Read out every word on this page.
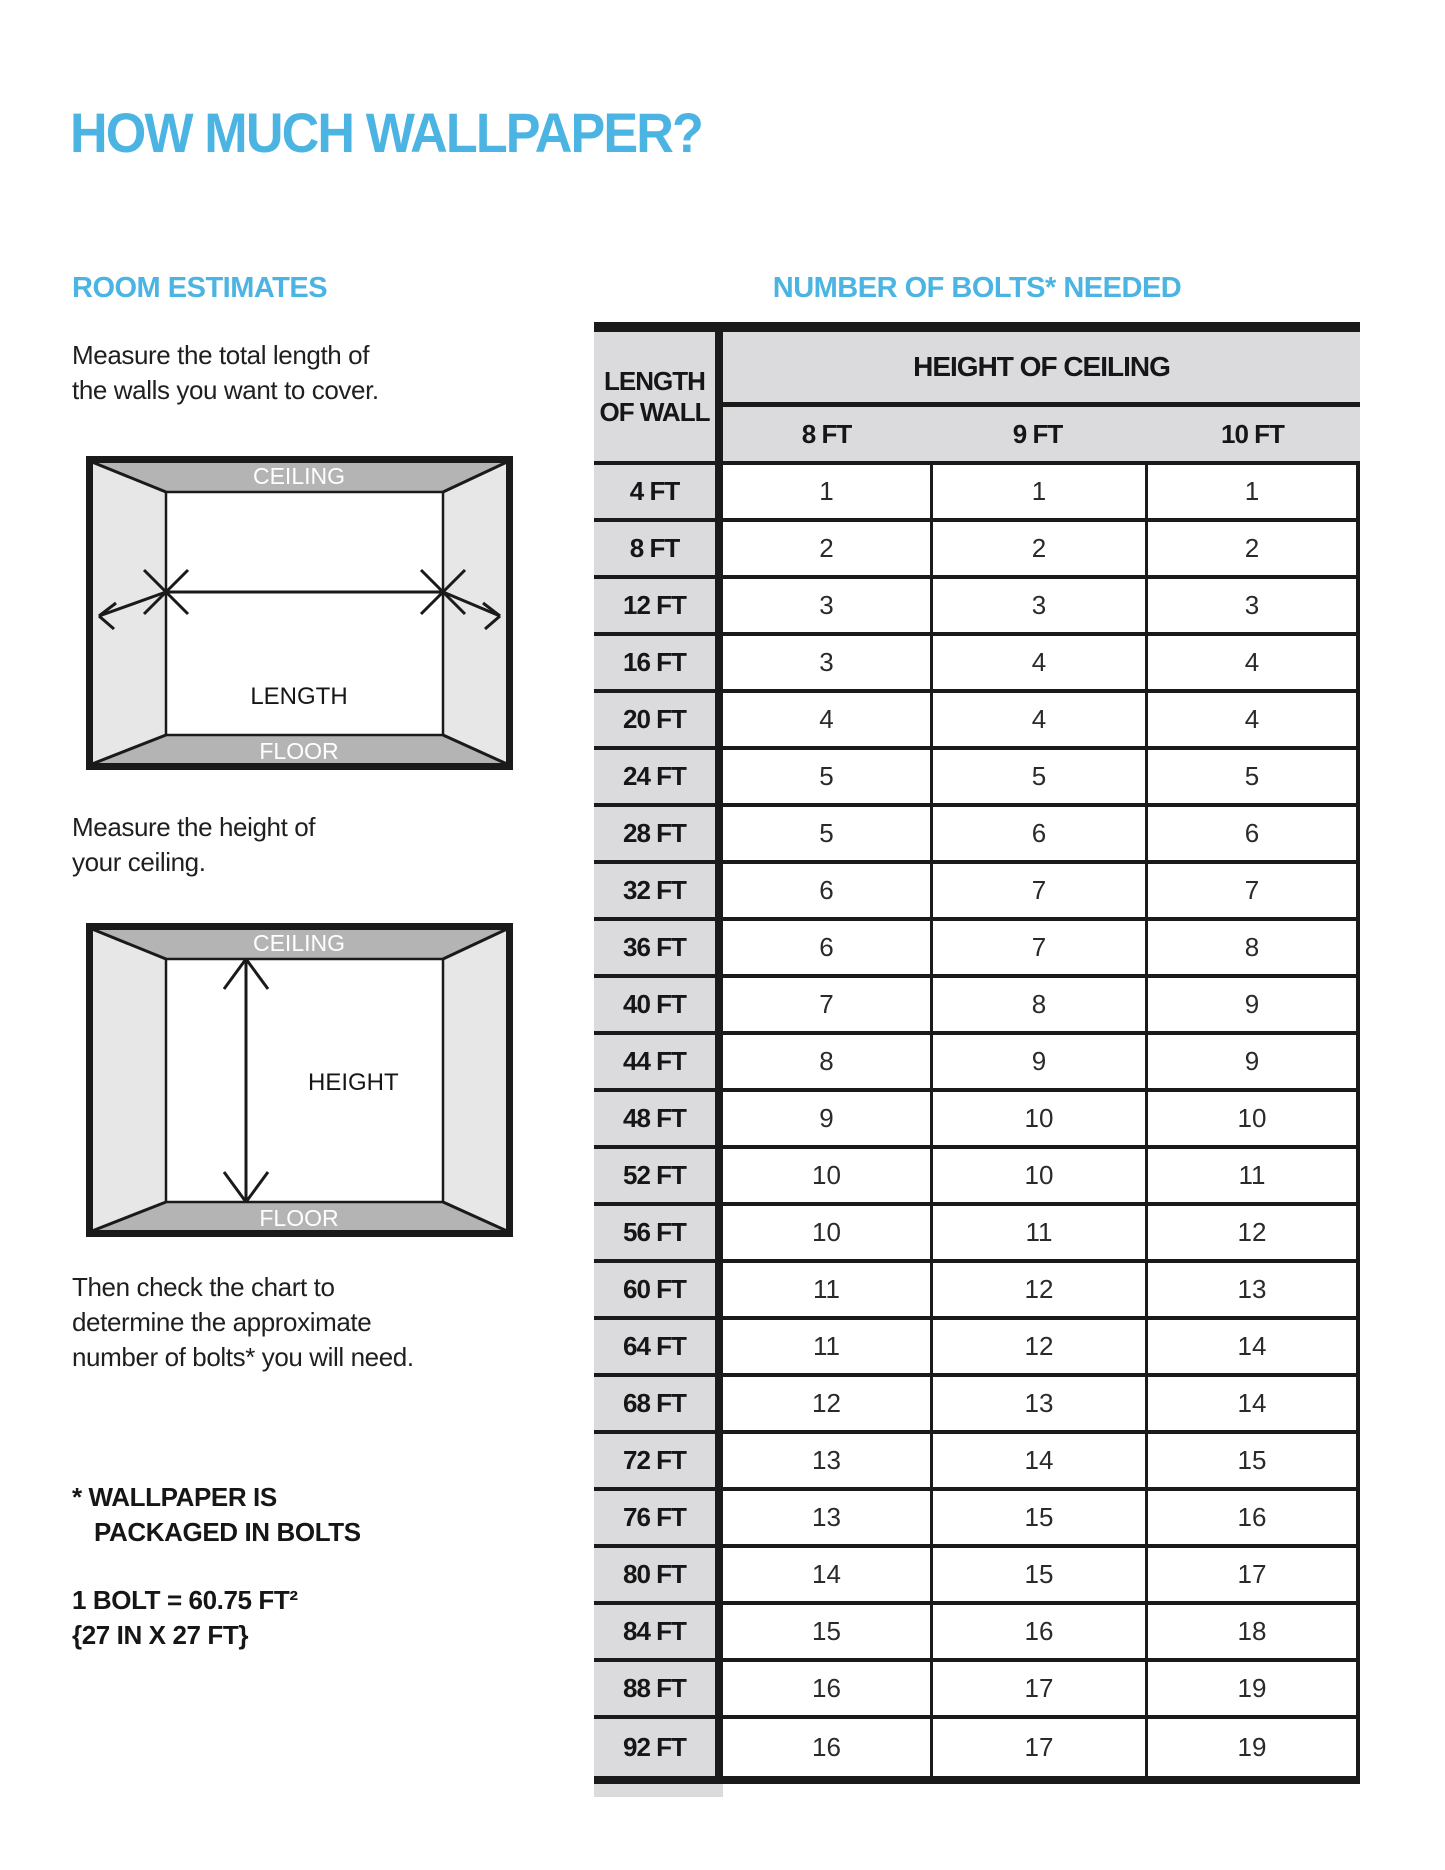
HOW MUCH WALLPAPER?
ROOM ESTIMATES
Measure the total length of
the walls you want to cover.
CEILING
FLOOR
LENGTH
Measure the height of
your ceiling.
CEILING
FLOOR
HEIGHT
Then check the chart to
determine the approximate
number of bolts* you will need.
* WALLPAPER IS
PACKAGED IN BOLTS
1 BOLT = 60.75 FT²
{27 IN X 27 FT}
NUMBER OF BOLTS* NEEDED
LENGTH
OF WALL
HEIGHT OF CEILING
8 FT	9 FT	10 FT
4 FT	1	1	1
8 FT	2	2	2
12 FT	3	3	3
16 FT	3	4	4
20 FT	4	4	4
24 FT	5	5	5
28 FT	5	6	6
32 FT	6	7	7
36 FT	6	7	8
40 FT	7	8	9
44 FT	8	9	9
48 FT	9	10	10
52 FT	10	10	11
56 FT	10	11	12
60 FT	11	12	13
64 FT	11	12	14
68 FT	12	13	14
72 FT	13	14	15
76 FT	13	15	16
80 FT	14	15	17
84 FT	15	16	18
88 FT	16	17	19
92 FT	16	17	19
